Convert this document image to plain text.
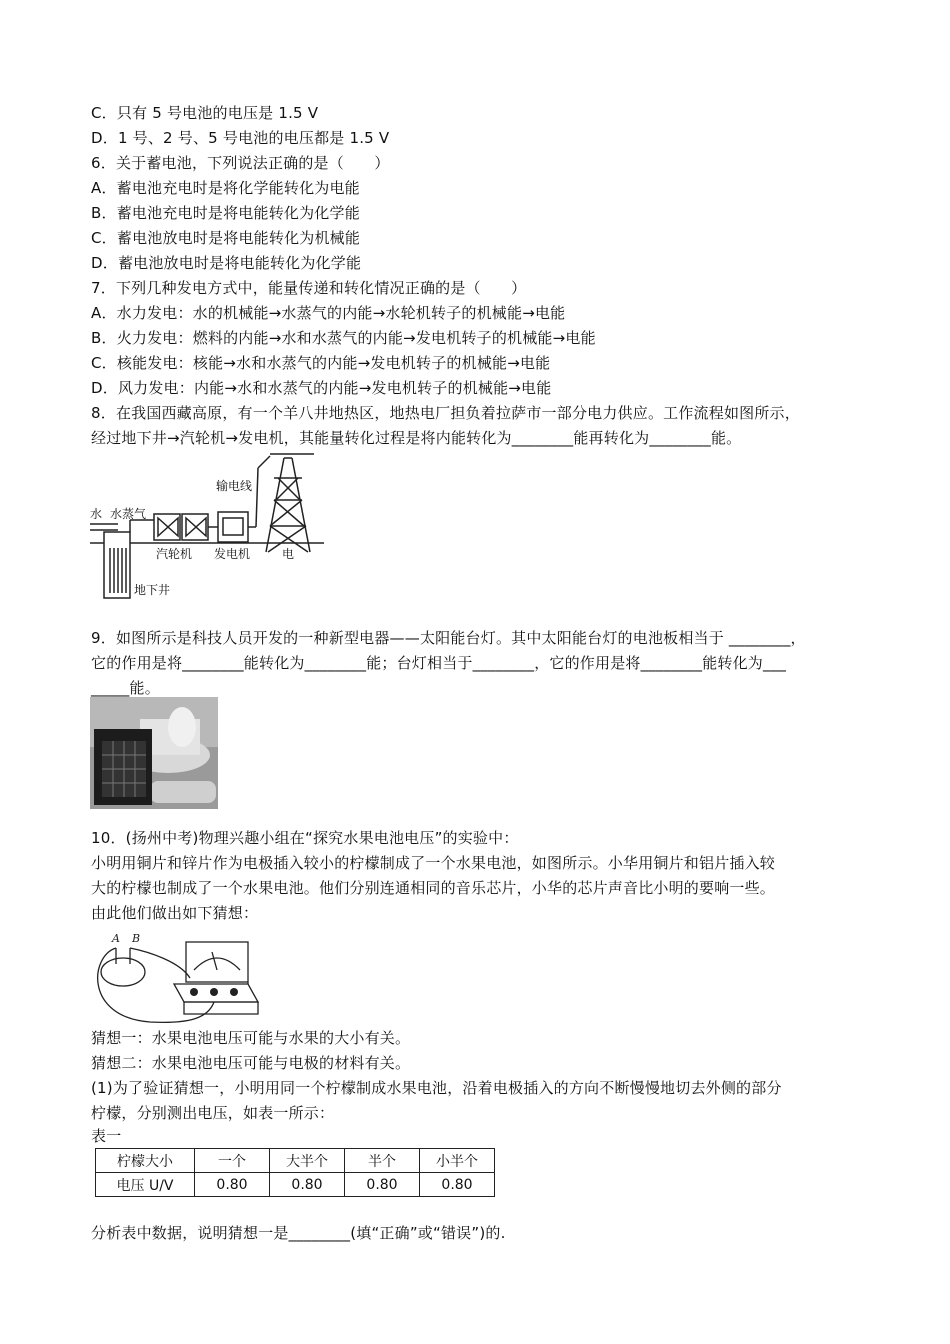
C．只有 5 号电池的电压是 1.5 V
D．1 号、2 号、5 号电池的电压都是 1.5 V
6．关于蓄电池，下列说法正确的是（　　）
A．蓄电池充电时是将化学能转化为电能
B．蓄电池充电时是将电能转化为化学能
C．蓄电池放电时是将电能转化为机械能
D．蓄电池放电时是将电能转化为化学能
7．下列几种发电方式中，能量传递和转化情况正确的是（　　）
A．水力发电：水的机械能→水蒸气的内能→水轮机转子的机械能→电能
B．火力发电：燃料的内能→水和水蒸气的内能→发电机转子的机械能→电能
C．核能发电：核能→水和水蒸气的内能→发电机转子的机械能→电能
D．风力发电：内能→水和水蒸气的内能→发电机转子的机械能→电能
8．在我国西藏高原，有一个羊八井地热区，地热电厂担负着拉萨市一部分电力供应。工作流程如图所示，
经过地下井→汽轮机→发电机，其能量转化过程是将内能转化为________能再转化为________能。
水 水蒸气
输电线
汽轮机 发电机	电
地下井
9．如图所示是科技人员开发的一种新型电器——太阳能台灯。其中太阳能台灯的电池板相当于 ________，
它的作用是将________能转化为________能；台灯相当于________，它的作用是将________能转化为___
_____能。
10．(扬州中考)物理兴趣小组在“探究水果电池电压”的实验中：
小明用铜片和锌片作为电极插入较小的柠檬制成了一个水果电池，如图所示。小华用铜片和铝片插入较
大的柠檬也制成了一个水果电池。他们分别连通相同的音乐芯片，小华的芯片声音比小明的要响一些。
由此他们做出如下猜想：
A B
猜想一：水果电池电压可能与水果的大小有关。
猜想二：水果电池电压可能与电极的材料有关。
(1)为了验证猜想一，小明用同一个柠檬制成水果电池，沿着电极插入的方向不断慢慢地切去外侧的部分
柠檬，分别测出电压，如表一所示：
柠檬大小	一个	大半个	半个	小半个
电压 U/V	0.80	0.80	0.80	0.80
分析表中数据，说明猜想一是________(填“正确”或“错误”)的.
表一
